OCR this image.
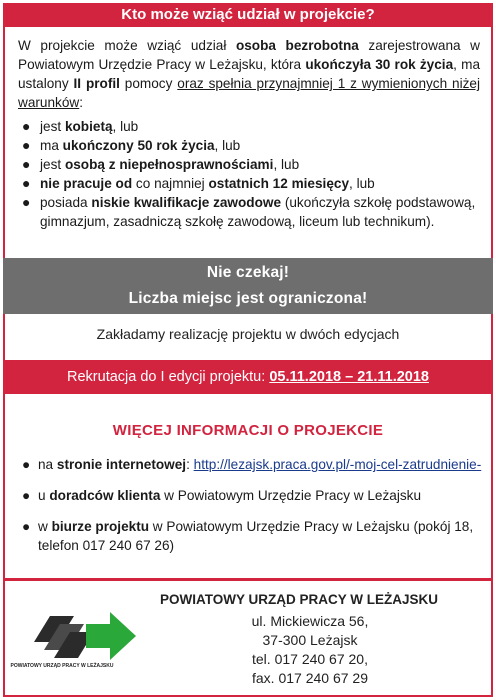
Kto może wziąć udział w projekcie?
W projekcie może wziąć udział osoba bezrobotna zarejestrowana w Powiatowym Urzędzie Pracy w Leżajsku, która ukończyła 30 rok życia, ma ustalony II profil pomocy oraz spełnia przynajmniej 1 z wymienionych niżej warunków:
● jest kobietą, lub
● ma ukończony 50 rok życia, lub
● jest osobą z niepełnosprawnościami, lub
● nie pracuje od co najmniej ostatnich 12 miesięcy, lub
● posiada niskie kwalifikacje zawodowe (ukończyła szkołę podstawową, gimnazjum, zasadniczą szkołę zawodową, liceum lub technikum).
Nie czekaj!
Liczba miejsc jest ograniczona!
Zakładamy realizację projektu w dwóch edycjach
Rekrutacja do I edycji projektu: 05.11.2018 – 21.11.2018
WIĘCEJ INFORMACJI O PROJEKCIE
● na stronie internetowej: http://lezajsk.praca.gov.pl/-moj-cel-zatrudnienie-
● u doradców klienta w Powiatowym Urzędzie Pracy w Leżajsku
● w biurze projektu w Powiatowym Urzędzie Pracy w Leżajsku (pokój 18, telefon 017 240 67 26)
POWIATOWY URZĄD PRACY W LEŻAJSKU
POWIATOWY URZĄD PRACY W LEŻAJSKU
ul. Mickiewicza 56,
37-300 Leżajsk
tel. 017 240 67 20,
fax. 017 240 67 29
